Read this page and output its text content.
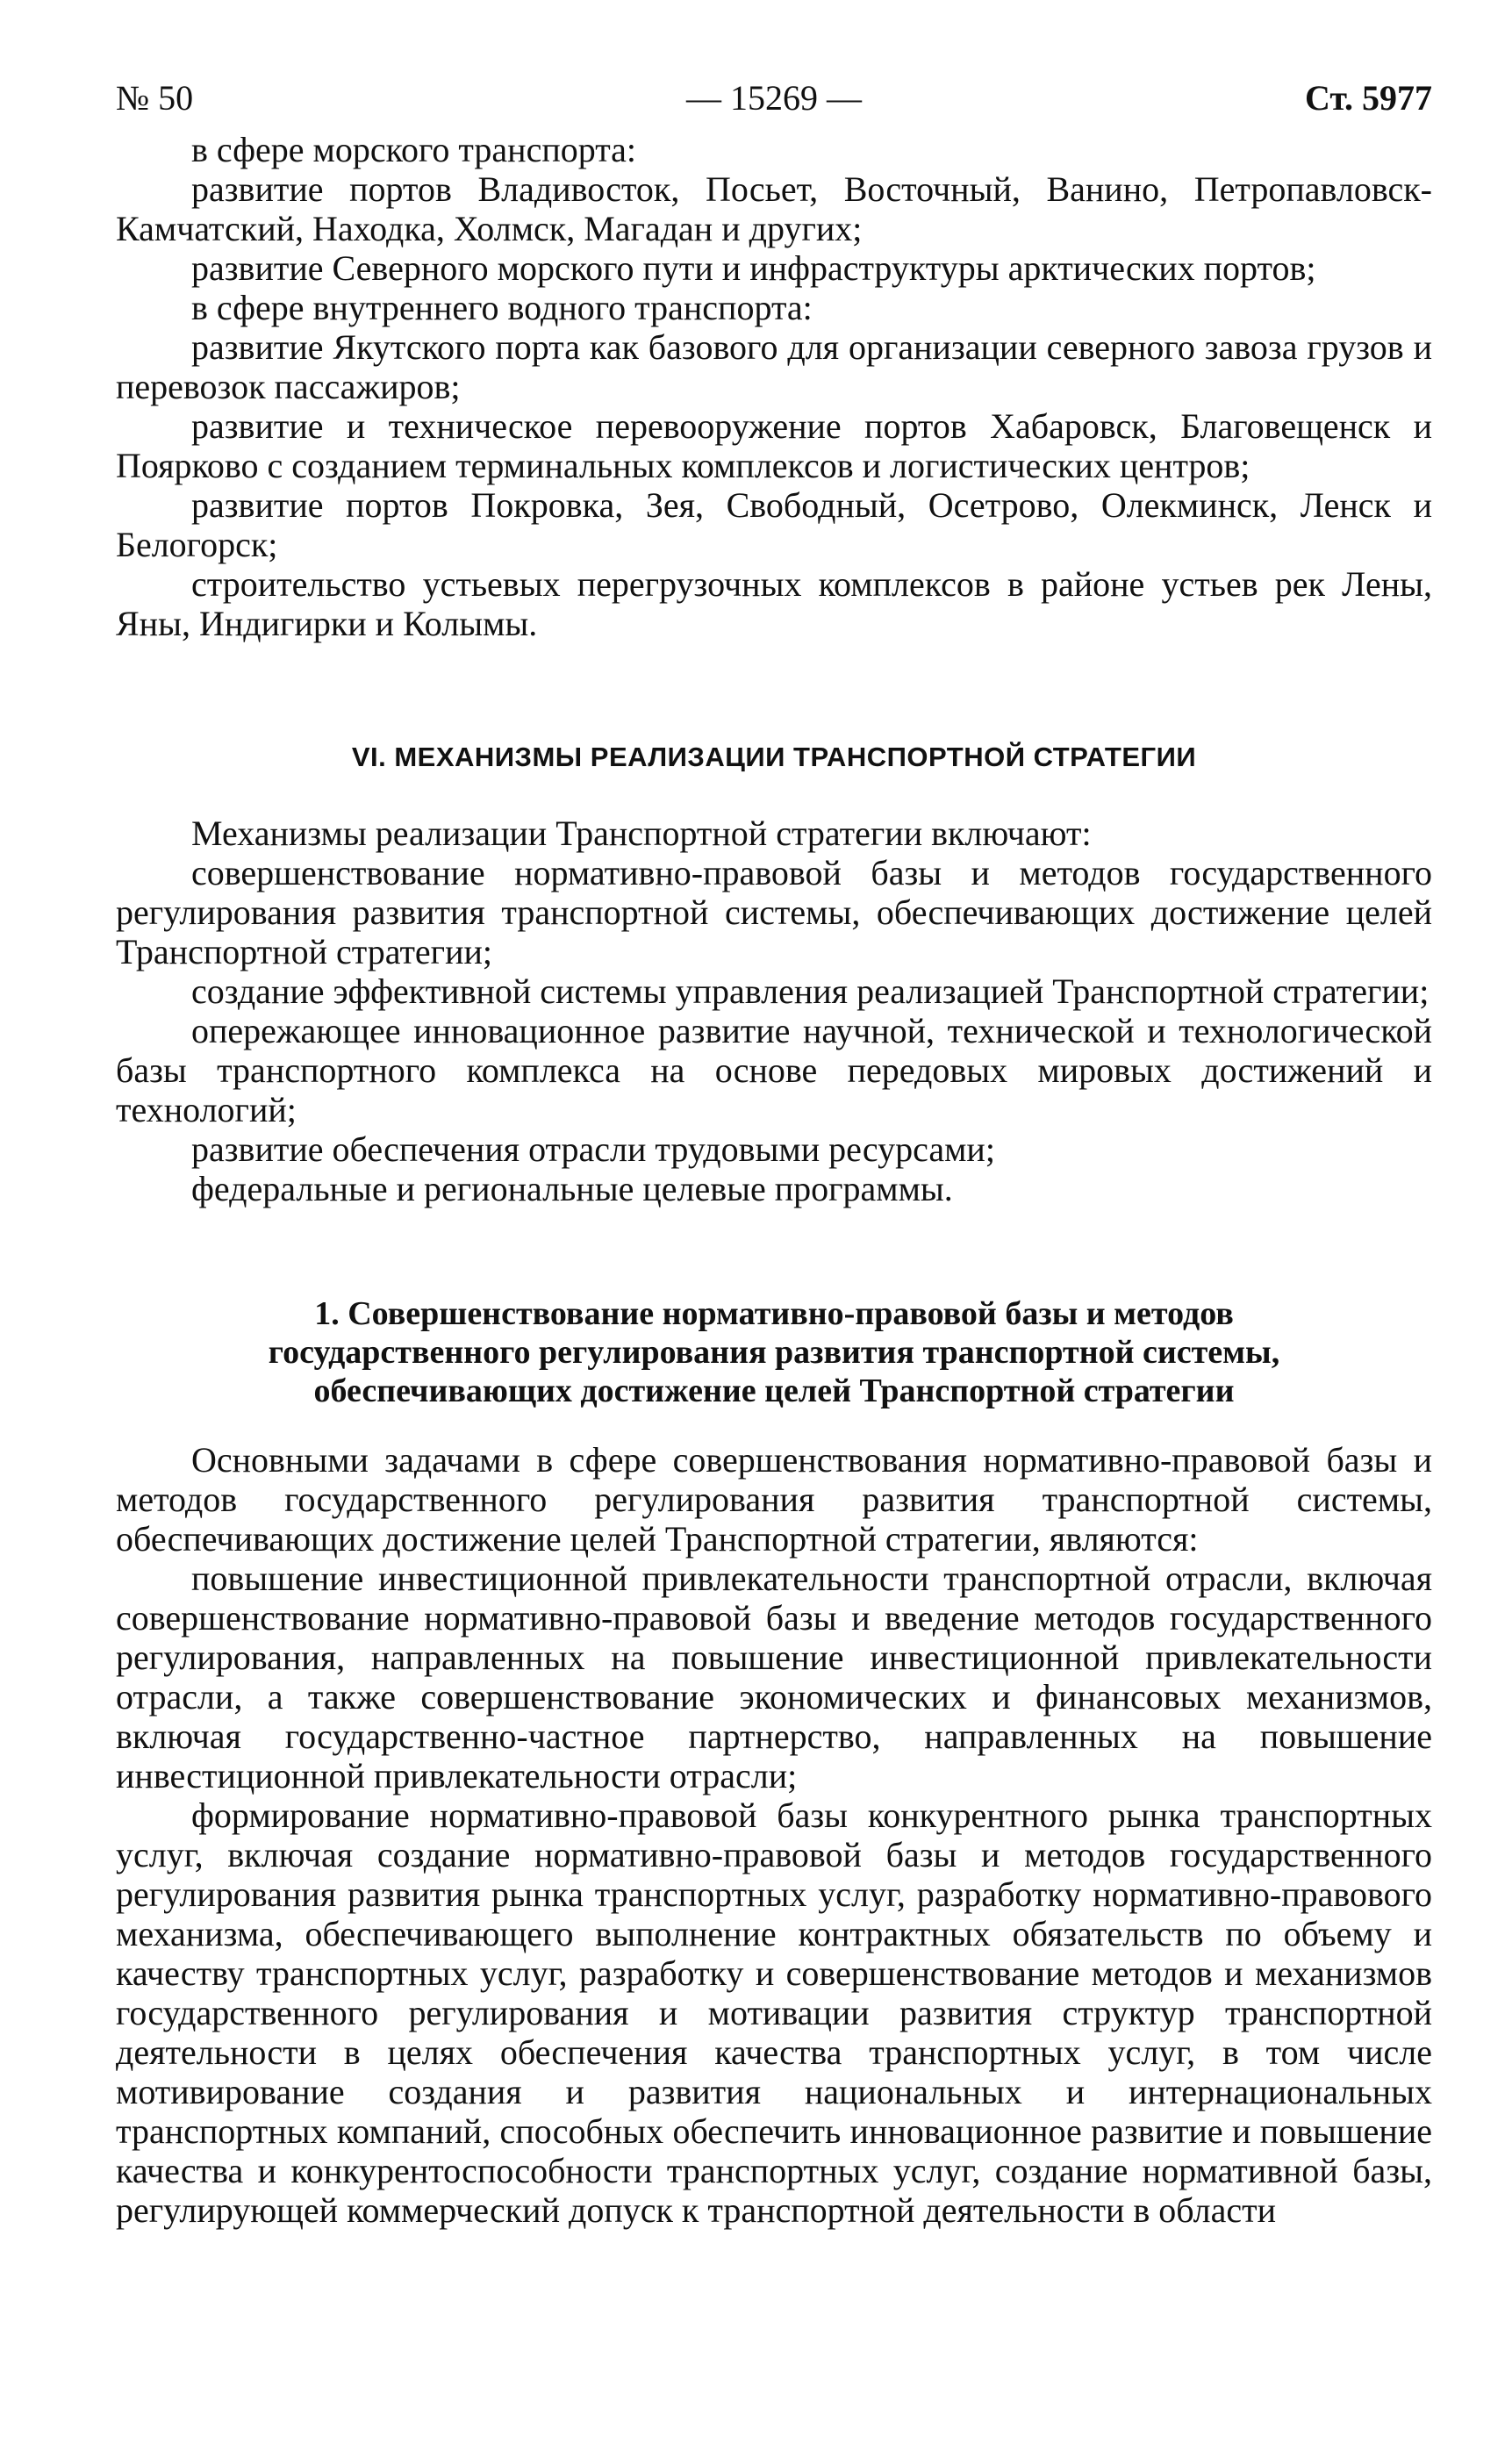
№ 50	— 15269 —	Ст. 5977

в сфере морского транспорта:

развитие портов Владивосток, Посьет, Восточный, Ванино, Петропавловск-Камчатский, Находка, Холмск, Магадан и других;

развитие Северного морского пути и инфраструктуры арктических портов;

в сфере внутреннего водного транспорта:

развитие Якутского порта как базового для организации северного завоза грузов и перевозок пассажиров;

развитие и техническое перевооружение портов Хабаровск, Благовещенск и Поярково с созданием терминальных комплексов и логистических центров;

развитие портов Покровка, Зея, Свободный, Осетрово, Олекминск, Ленск и Белогорск;

строительство устьевых перегрузочных комплексов в районе устьев рек Лены, Яны, Индигирки и Колымы.

VI. МЕХАНИЗМЫ РЕАЛИЗАЦИИ ТРАНСПОРТНОЙ СТРАТЕГИИ

Механизмы реализации Транспортной стратегии включают:

совершенствование нормативно-правовой базы и методов государственного регулирования развития транспортной системы, обеспечивающих достижение целей Транспортной стратегии;

создание эффективной системы управления реализацией Транспортной стратегии;

опережающее инновационное развитие научной, технической и технологической базы транспортного комплекса на основе передовых мировых достижений и технологий;

развитие обеспечения отрасли трудовыми ресурсами;

федеральные и региональные целевые программы.

1. Совершенствование нормативно-правовой базы и методов
государственного регулирования развития транспортной системы,
обеспечивающих достижение целей Транспортной стратегии

Основными задачами в сфере совершенствования нормативно-правовой базы и методов государственного регулирования развития транспортной системы, обеспечивающих достижение целей Транспортной стратегии, являются:

повышение инвестиционной привлекательности транспортной отрасли, включая совершенствование нормативно-правовой базы и введение методов государственного регулирования, направленных на повышение инвестиционной привлекательности отрасли, а также совершенствование экономических и финансовых механизмов, включая государственно-частное партнерство, направленных на повышение инвестиционной привлекательности отрасли;

формирование нормативно-правовой базы конкурентного рынка транспортных услуг, включая создание нормативно-правовой базы и методов государственного регулирования развития рынка транспортных услуг, разработку нормативно-правового механизма, обеспечивающего выполнение контрактных обязательств по объему и качеству транспортных услуг, разработку и совершенствование методов и механизмов государственного регулирования и мотивации развития структур транспортной деятельности в целях обеспечения качества транспортных услуг, в том числе мотивирование создания и развития национальных и интернациональных транспортных компаний, способных обеспечить инновационное развитие и повышение качества и конкурентоспособности транспортных услуг, создание нормативной базы, регулирующей коммерческий допуск к транспортной деятельности в области
